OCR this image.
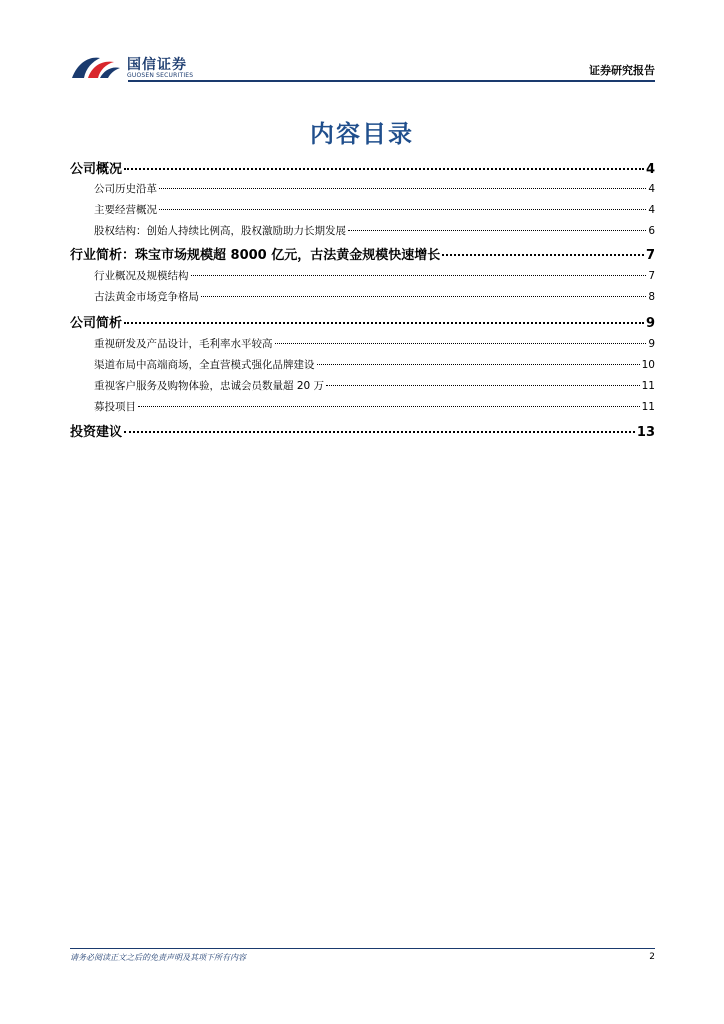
国信证券
GUOSEN SECURITIES	证券研究报告
内容目录
公司概况	4
公司历史沿革	4
主要经营概况	4
股权结构：创始人持续比例高，股权激励助力长期发展	6
行业简析：珠宝市场规模超 8000 亿元，古法黄金规模快速增长	7
行业概况及规模结构	7
古法黄金市场竞争格局	8
公司简析	9
重视研发及产品设计，毛利率水平较高	9
渠道布局中高端商场，全直营模式强化品牌建设	10
重视客户服务及购物体验，忠诚会员数量超 20 万	11
募投项目	11
投资建议	13
请务必阅读正文之后的免责声明及其项下所有内容	2
